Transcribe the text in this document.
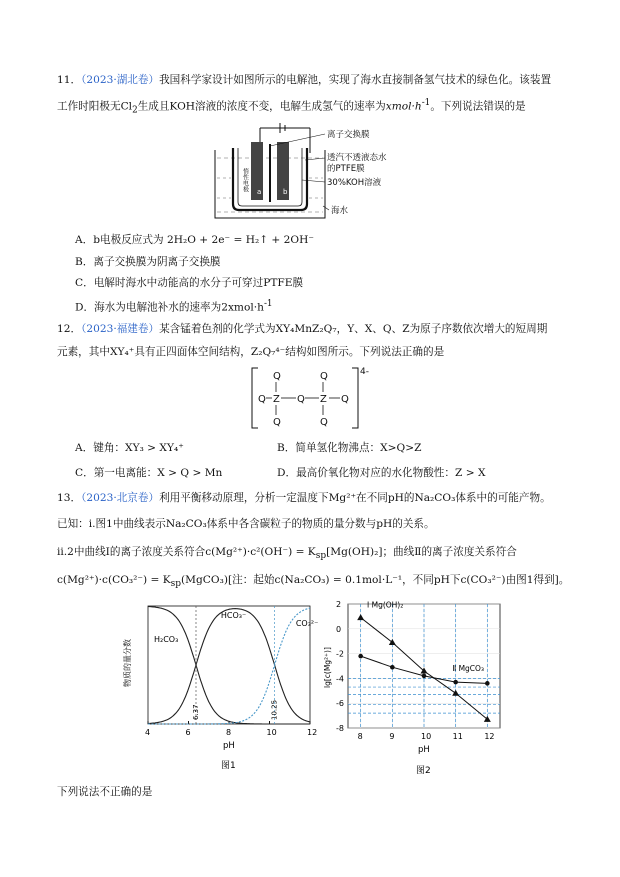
11．（2023·湖北卷）我国科学家设计如图所示的电解池，实现了海水直接制备氢气技术的绿色化。该装置
工作时阳极无$Cl_2$生成且KOH溶液的浓度不变，电解生成氢气的速率为$xmol\cdot h^{-1}$。下列说法错误的是
惰性电极 a	b
离子交换膜
透汽不透液态水
的PTFE膜
30%KOH溶液
海水
A．b电极反应式为 2H₂O + 2e⁻ = H₂↑ + 2OH⁻
B．离子交换膜为阴离子交换膜
C．电解时海水中动能高的水分子可穿过PTFE膜
D．海水为电解池补水的速率为$2xmol\cdot h^{-1}$
12．（2023·福建卷）某含锰着色剂的化学式为XY₄MnZ₂Q₇，Y、X、Q、Z为原子序数依次增大的短周期
元素，其中XY₄⁺具有正四面体空间结构，Z₂Q₇⁴⁻结构如图所示。下列说法正确的是
Q	Q
Q Z Q Z Q
Q	Q
4-
A．键角：XY₃ > XY₄⁺	B．简单氢化物沸点：X>Q>Z
C．第一电离能：X > Q > Mn	D．最高价氧化物对应的水化物酸性：Z > X
13．（2023·北京卷）利用平衡移动原理，分析一定温度下Mg²⁺在不同pH的Na₂CO₃体系中的可能产物。
已知：i.图1中曲线表示Na₂CO₃体系中各含碳粒子的物质的量分数与pH的关系。
ii.2中曲线Ⅰ的离子浓度关系符合$c(Mg^{2+})\cdot c^2(OH^-) = K_{sp}[Mg(OH)_2]$；曲线Ⅱ的离子浓度关系符合
$c(Mg^{2+})\cdot c(CO_3^{2-}) = K_{sp}(MgCO_3)$[注：起始c(Na₂CO₃) = 0.1mol·L⁻¹，不同pH下c(CO₃²⁻)由图1得到]。
4	6	8	10	12
6.37	10.25
H₂CO₃
HCO₃⁻
CO₃²⁻
物质的量分数
pH
图1
8	9	10	11	12
2
0
-2
-4
-6
-8
Ⅰ Mg(OH)₂
Ⅱ MgCO₃
lg[c(Mg²⁺)]
pH
图2
下列说法不正确的是
